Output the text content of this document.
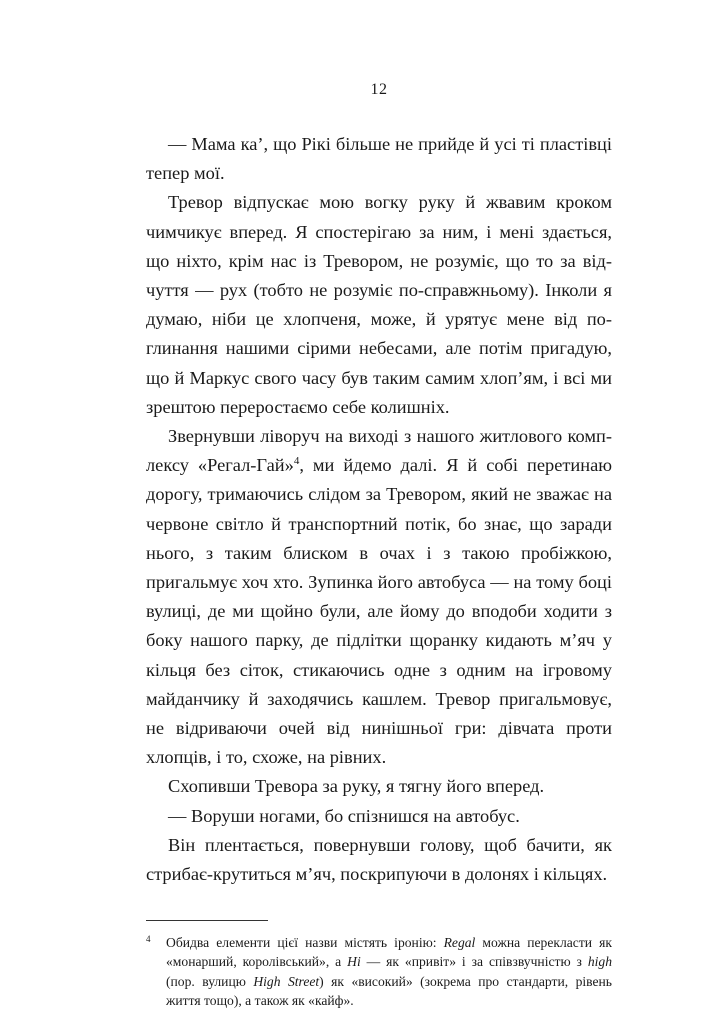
12

— Мама ка’, що Рікі більше не прийде й усі ті пластівці тепер мої.

Тревор відпускає мою вогку руку й жвавим кроком чимчикує вперед. Я спостерігаю за ним, і мені здається, що ніхто, крім нас із Тревором, не розуміє, що то за відчуття — рух (тобто не розуміє по-справжньому). Інколи я думаю, ніби це хлопченя, може, й урятує мене від поглинання нашими сірими небесами, але потім пригадую, що й Маркус свого часу був таким самим хлоп’ям, і всі ми зрештою переростаємо себе колишніх.

Звернувши ліворуч на виході з нашого житлового комплексу «Регал-Гай»$^4$, ми йдемо далі. Я й собі перетинаю дорогу, тримаючись слідом за Тревором, який не зважає на червоне світло й транспортний потік, бо знає, що заради нього, з таким блиском в очах і з такою пробіжкою, пригальмує хоч хто. Зупинка його автобуса — на тому боці вулиці, де ми щойно були, але йому до вподоби ходити з боку нашого парку, де підлітки щоранку кидають м’яч у кільця без сіток, стикаючись одне з одним на ігровому майданчику й заходячись кашлем. Тревор пригальмовує, не відриваючи очей від нинішньої гри: дівчата проти хлопців, і то, схоже, на рівних.

Схопивши Тревора за руку, я тягну його вперед.

— Воруши ногами, бо спізнишся на автобус.

Він плентається, повернувши голову, щоб бачити, як стрибає-крутиться м’яч, поскрипуючи в долонях і кільцях.

4 Обидва елементи цієї назви містять іронію: Regal можна перекласти як «монарший, королівський», а Hi — як «привіт» і за співзвучністю з high (пор. вулицю High Street) як «високий» (зокрема про стандарти, рівень життя тощо), а також як «кайф».
